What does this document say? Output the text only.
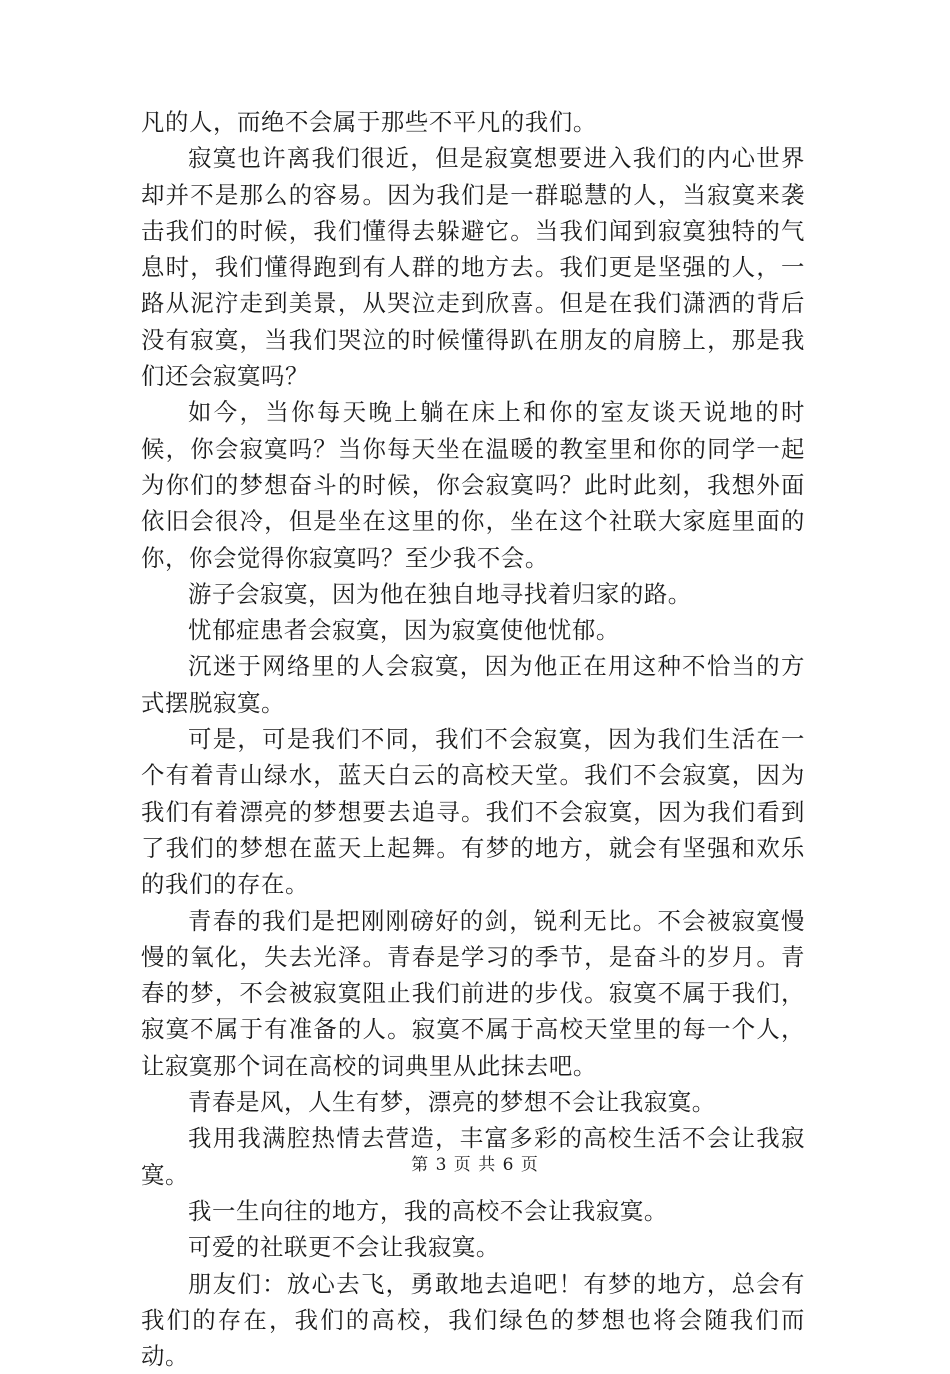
凡的人，而绝不会属于那些不平凡的我们。

寂寞也许离我们很近，但是寂寞想要进入我们的内心世界却并不是那么的容易。因为我们是一群聪慧的人，当寂寞来袭击我们的时候，我们懂得去躲避它。当我们闻到寂寞独特的气息时，我们懂得跑到有人群的地方去。我们更是坚强的人，一路从泥泞走到美景，从哭泣走到欣喜。但是在我们潇洒的背后没有寂寞，当我们哭泣的时候懂得趴在朋友的肩膀上，那是我们还会寂寞吗？

如今，当你每天晚上躺在床上和你的室友谈天说地的时候，你会寂寞吗？当你每天坐在温暖的教室里和你的同学一起为你们的梦想奋斗的时候，你会寂寞吗？此时此刻，我想外面依旧会很冷，但是坐在这里的你，坐在这个社联大家庭里面的你，你会觉得你寂寞吗？至少我不会。

游子会寂寞，因为他在独自地寻找着归家的路。

忧郁症患者会寂寞，因为寂寞使他忧郁。

沉迷于网络里的人会寂寞，因为他正在用这种不恰当的方式摆脱寂寞。

可是，可是我们不同，我们不会寂寞，因为我们生活在一个有着青山绿水，蓝天白云的高校天堂。我们不会寂寞，因为我们有着漂亮的梦想要去追寻。我们不会寂寞，因为我们看到了我们的梦想在蓝天上起舞。有梦的地方，就会有坚强和欢乐的我们的存在。

青春的我们是把刚刚磅好的剑，锐利无比。不会被寂寞慢慢的氧化，失去光泽。青春是学习的季节，是奋斗的岁月。青春的梦，不会被寂寞阻止我们前进的步伐。寂寞不属于我们，寂寞不属于有准备的人。寂寞不属于高校天堂里的每一个人，让寂寞那个词在高校的词典里从此抹去吧。

青春是风，人生有梦，漂亮的梦想不会让我寂寞。

我用我满腔热情去营造，丰富多彩的高校生活不会让我寂寞。

我一生向往的地方，我的高校不会让我寂寞。

可爱的社联更不会让我寂寞。

朋友们：放心去飞，勇敢地去追吧！有梦的地方，总会有我们的存在，我们的高校，我们绿色的梦想也将会随我们而动。

第 3 页 共 6 页
